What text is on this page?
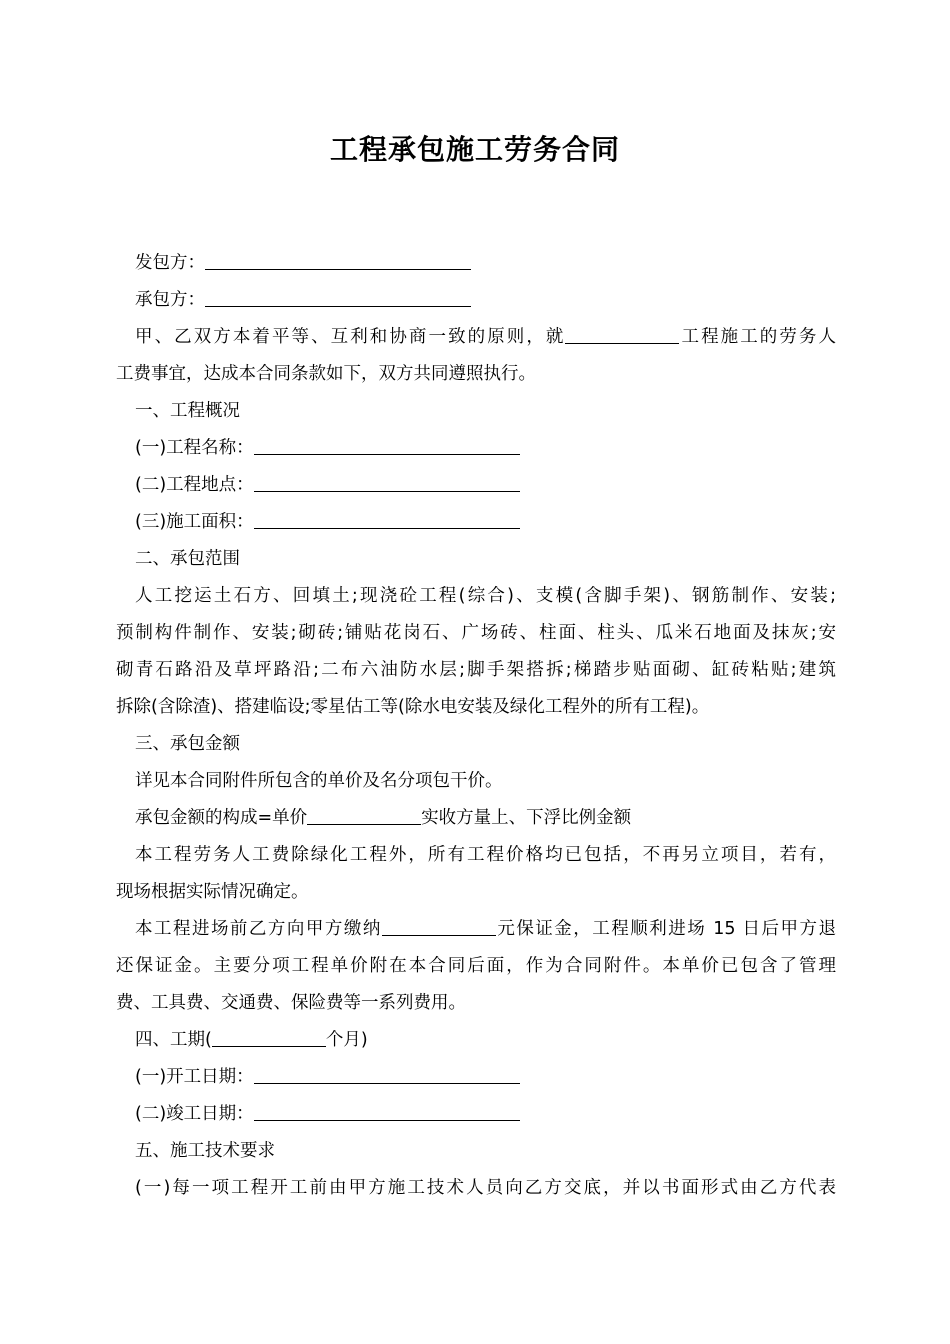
工程承包施工劳务合同
发包方：
承包方：
甲、乙双方本着平等、互利和协商一致的原则，就	工程施工的劳务人
工费事宜，达成本合同条款如下，双方共同遵照执行。
一、工程概况
(一)工程名称：
(二)工程地点：
(三)施工面积：
二、承包范围
人工挖运土石方、回填土;现浇砼工程(综合)、支模(含脚手架)、钢筋制作、安装;
预制构件制作、安装;砌砖;铺贴花岗石、广场砖、柱面、柱头、瓜米石地面及抹灰;安
砌青石路沿及草坪路沿;二布六油防水层;脚手架搭拆;梯踏步贴面砌、缸砖粘贴;建筑
拆除(含除渣)、搭建临设;零星估工等(除水电安装及绿化工程外的所有工程)。
三、承包金额
详见本合同附件所包含的单价及名分项包干价。
承包金额的构成=单价	实收方量上、下浮比例金额
本工程劳务人工费除绿化工程外，所有工程价格均已包括，不再另立项目，若有，
现场根据实际情况确定。
本工程进场前乙方向甲方缴纳	元保证金，工程顺利进场 15 日后甲方退
还保证金。主要分项工程单价附在本合同后面，作为合同附件。本单价已包含了管理
费、工具费、交通费、保险费等一系列费用。
四、工期(	个月)
(一)开工日期：
(二)竣工日期：
五、施工技术要求
(一)每一项工程开工前由甲方施工技术人员向乙方交底，并以书面形式由乙方代表
